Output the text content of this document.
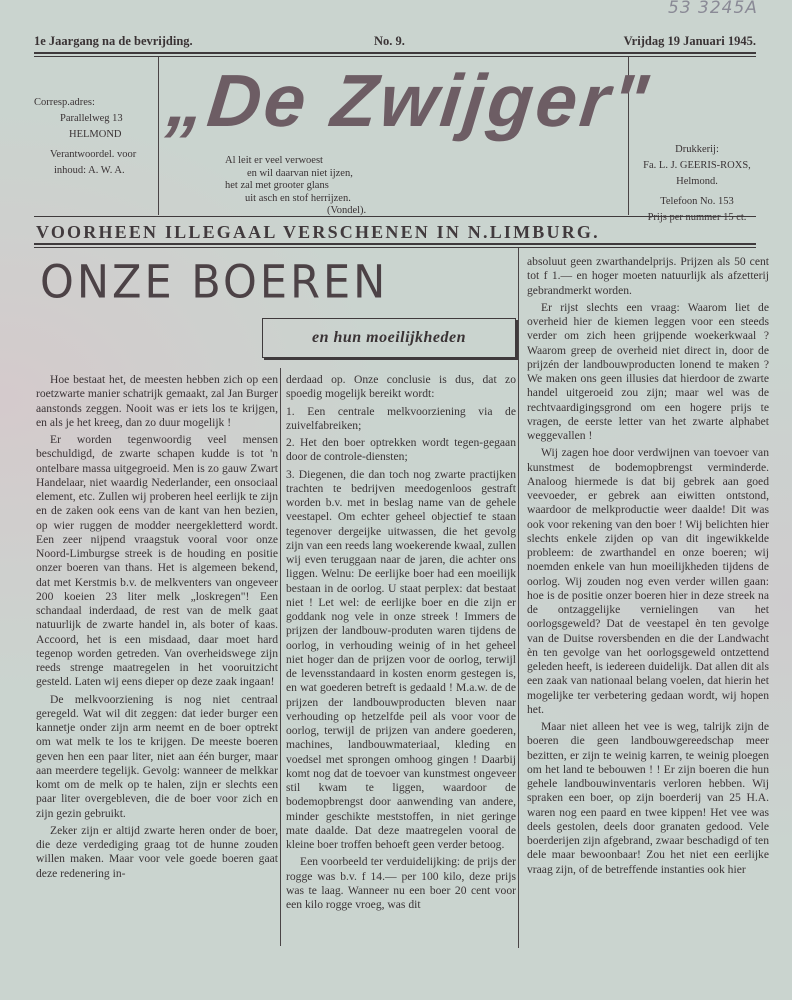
53 3245A
1e Jaargang na de bevrijding.	No. 9.	Vrijdag 19 Januari 1945.
Corresp.adres:
Parallelweg 13
HELMOND
Verantwoordel. voor
inhoud: A. W. A.
„De Zwijger"
Al leit er veel verwoest
en wil daarvan niet ijzen,
het zal met grooter glans
uit asch en stof herrijzen.
(Vondel).
Drukkerij:
Fa. L. J. GEERIS-ROXS,
Helmond.
Telefoon No. 153
Prijs per nummer 15 ct.
VOORHEEN ILLEGAAL VERSCHENEN IN N.LIMBURG.
ONZE BOEREN
en hun moeilijkheden

Hoe bestaat het, de meesten hebben zich op een roetzwarte manier schatrijk gemaakt, zal Jan Burger aanstonds zeggen. Nooit was er iets los te krijgen, en als je het kreeg, dan zo duur mogelijk !

Er worden tegenwoordig veel mensen beschuldigd, de zwarte schapen kudde is tot 'n ontelbare massa uitgegroeid. Men is zo gauw Zwart Handelaar, niet waardig Nederlander, een onsociaal element, etc. Zullen wij proberen heel eerlijk te zijn en de zaken ook eens van de kant van hen bezien, op wier ruggen de modder neergekletterd wordt. Een zeer nijpend vraagstuk vooral voor onze Noord-Limburgse streek is de houding en positie onzer boeren van thans. Het is algemeen bekend, dat met Kerstmis b.v. de melkventers van ongeveer 200 koeien 23 liter melk „loskregen"! Een schandaal inderdaad, de rest van de melk gaat natuurlijk de zwarte handel in, als boter of kaas. Accoord, het is een misdaad, daar moet hard tegenop worden getreden. Van overheidswege zijn reeds strenge maatregelen in het vooruitzicht gesteld. Laten wij eens dieper op deze zaak ingaan!

De melkvoorziening is nog niet centraal geregeld. Wat wil dit zeggen: dat ieder burger een kannetje onder zijn arm neemt en de boer optrekt om wat melk te los te krijgen. De meeste boeren geven hen een paar liter, niet aan één burger, maar aan meerdere tegelijk. Gevolg: wanneer de melkkar komt om de melk op te halen, zijn er slechts een paar liter overgebleven, die de boer voor zich en zijn gezin gebruikt.

Zeker zijn er altijd zwarte heren onder de boer, die deze verdediging graag tot de hunne zouden willen maken. Maar voor vele goede boeren gaat deze redenering in-

derdaad op. Onze conclusie is dus, dat zo spoedig mogelijk bereikt wordt:

1. Een centrale melkvoorziening via de zuivelfabreiken;

2. Het den boer optrekken wordt tegen-gegaan door de controle-diensten;

3. Diegenen, die dan toch nog zwarte practijken trachten te bedrijven meedogenloos gestraft worden b.v. met in beslag name van de gehele veestapel. Om echter geheel objectief te staan tegenover dergeijke uitwassen, die het gevolg zijn van een reeds lang woekerende kwaal, zullen wij even teruggaan naar de jaren, die achter ons liggen. Welnu: De eerlijke boer had een moeilijk bestaan in de oorlog. U staat perplex: dat bestaat niet ! Let wel: de eerlijke boer en die zijn er goddank nog vele in onze streek ! Immers de prijzen der landbouw-produten waren tijdens de oorlog, in verhouding weinig of in het geheel niet hoger dan de prijzen voor de oorlog, terwijl de levensstandaard in kosten enorm gestegen is, en wat goederen betreft is gedaald ! M.a.w. de de prijzen der landbouwproducten bleven naar verhouding op hetzelfde peil als voor voor de oorlog, terwijl de prijzen van andere goederen, machines, landbouwmateriaal, kleding en voedsel met sprongen omhoog gingen ! Daarbij komt nog dat de toevoer van kunstmest ongeveer stil kwam te liggen, waardoor de bodemopbrengst door aanwending van andere, minder geschikte meststoffen, in niet geringe mate daalde. Dat deze maatregelen vooral de kleine boer troffen behoeft geen verder betoog.

Een voorbeeld ter verduidelijking: de prijs der rogge was b.v. f 14.— per 100 kilo, deze prijs was te laag. Wanneer nu een boer 20 cent voor een kilo rogge vroeg, was dit

absoluut geen zwarthandelprijs. Prijzen als 50 cent tot f 1.— en hoger moeten natuurlijk als afzetterij gebrandmerkt worden.

Er rijst slechts een vraag: Waarom liet de overheid hier de kiemen leggen voor een steeds verder om zich heen grijpende woekerkwaal ? Waarom greep de overheid niet direct in, door de prijzén der landbouwproducten lonend te maken ? We maken ons geen illusies dat hierdoor de zwarte handel uitgeroeid zou zijn; maar wel was de rechtvaardigingsgrond om een hogere prijs te vragen, de eerste letter van het zwarte alphabet weggevallen !

Wij zagen hoe door verdwijnen van toevoer van kunstmest de bodemopbrengst verminderde. Analoog hiermede is dat bij gebrek aan goed veevoeder, er gebrek aan eiwitten ontstond, waardoor de melkproductie weer daalde! Dit was ook voor rekening van den boer ! Wij belichten hier slechts enkele zijden op van dit ingewikkelde probleem: de zwarthandel en onze boeren; wij noemden enkele van hun moeilijkheden tijdens de oorlog. Wij zouden nog even verder willen gaan: hoe is de positie onzer boeren hier in deze streek na de ontzaggelijke vernielingen van het oorlogsgeweld? Dat de veestapel èn ten gevolge van de Duitse roversbenden en die der Landwacht èn ten gevolge van het oorlogsgeweld ontzettend geleden heeft, is iedereen duidelijk. Dat allen dit als een zaak van nationaal belang voelen, dat hierin het mogelijke ter verbetering gedaan wordt, wij hopen het.

Maar niet alleen het vee is weg, talrijk zijn de boeren die geen landbouwgereedschap meer bezitten, er zijn te weinig karren, te weinig ploegen om het land te bebouwen ! ! Er zijn boeren die hun gehele landbouwinventaris verloren hebben. Wij spraken een boer, op zijn boerderij van 25 H.A. waren nog een paard en twee kippen! Het vee was deels gestolen, deels door granaten gedood. Vele boerderijen zijn afgebrand, zwaar beschadigd of ten dele maar bewoonbaar! Zou het niet een eerlijke vraag zijn, of de betreffende instanties ook hier
